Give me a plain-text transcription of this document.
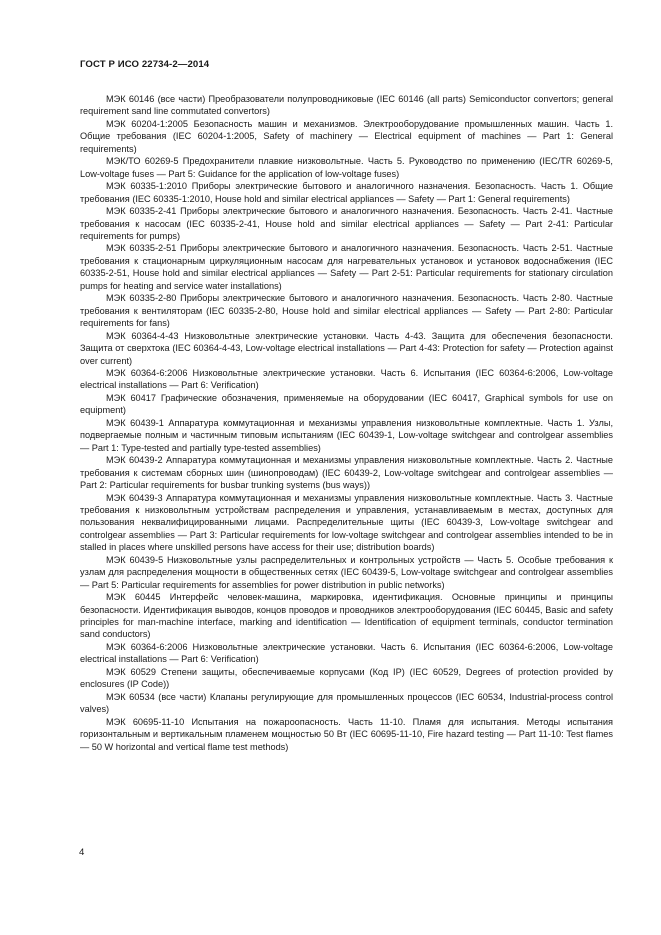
ГОСТ Р ИСО 22734-2—2014

МЭК 60146 (все части) Преобразователи полупроводниковые (IEC 60146 (all parts) Semiconductor convertors; general requirement sand line commutated convertors)

МЭК 60204-1:2005 Безопасность машин и механизмов. Электрооборудование промышленных машин. Часть 1. Общие требования (IEC 60204-1:2005, Safety of machinery — Electrical equipment of machines — Part 1: General requirements)

МЭК/ТО 60269-5 Предохранители плавкие низковольтные. Часть 5. Руководство по применению (IEC/TR 60269-5, Low-voltage fuses — Part 5: Guidance for the application of low-voltage fuses)

МЭК 60335-1:2010 Приборы электрические бытового и аналогичного назначения. Безопасность. Часть 1. Общие требования (IEC 60335-1:2010, House hold and similar electrical appliances — Safety — Part 1: General requirements)

МЭК 60335-2-41 Приборы электрические бытового и аналогичного назначения. Безопасность. Часть 2-41. Частные требования к насосам (IEC 60335-2-41, House hold and similar electrical appliances — Safety — Part 2-41: Particular requirements for pumps)

МЭК 60335-2-51 Приборы электрические бытового и аналогичного назначения. Безопасность. Часть 2-51. Частные требования к стационарным циркуляционным насосам для нагревательных установок и установок водоснабжения (IEC 60335-2-51, House hold and similar electrical appliances — Safety — Part 2-51: Particular requirements for stationary circulation pumps for heating and service water installations)

МЭК 60335-2-80 Приборы электрические бытового и аналогичного назначения. Безопасность. Часть 2-80. Частные требования к вентиляторам (IEC 60335-2-80, House hold and similar electrical appliances — Safety — Part 2-80: Particular requirements for fans)

МЭК 60364-4-43 Низковольтные электрические установки. Часть 4-43. Защита для обеспечения безопасности. Защита от сверхтока (IEC 60364-4-43, Low-voltage electrical installations — Part 4-43: Protection for safety — Protection against over current)

МЭК 60364-6:2006 Низковольтные электрические установки. Часть 6. Испытания (IEC 60364-6:2006, Low-voltage electrical installations — Part 6: Verification)

МЭК 60417 Графические обозначения, применяемые на оборудовании (IEC 60417, Graphical symbols for use on equipment)

МЭК 60439-1 Аппаратура коммутационная и механизмы управления низковольтные комплектные. Часть 1. Узлы, подвергаемые полным и частичным типовым испытаниям (IEC 60439-1, Low-voltage switchgear and controlgear assemblies — Part 1: Type-tested and partially type-tested assemblies)

МЭК 60439-2 Аппаратура коммутационная и механизмы управления низковольтные комплектные. Часть 2. Частные требования к системам сборных шин (шинопроводам) (IEC 60439-2, Low-voltage switchgear and controlgear assemblies — Part 2: Particular requirements for busbar trunking systems (bus ways))

МЭК 60439-3 Аппаратура коммутационная и механизмы управления низковольтные комплектные. Часть 3. Частные требования к низковольтным устройствам распределения и управления, устанавливаемым в местах, доступных для пользования неквалифицированными лицами. Распределительные щиты (IEC 60439-3, Low-voltage switchgear and controlgear assemblies — Part 3: Particular requirements for low-voltage switchgear and controlgear assemblies intended to be in stalled in places where unskilled persons have access for their use; distribution boards)

МЭК 60439-5 Низковольтные узлы распределительных и контрольных устройств — Часть 5. Особые требования к узлам для распределения мощности в общественных сетях (IEC 60439-5, Low-voltage switchgear and controlgear assemblies — Part 5: Particular requirements for assemblies for power distribution in public networks)

МЭК 60445 Интерфейс человек-машина, маркировка, идентификация. Основные принципы и принципы безопасности. Идентификация выводов, концов проводов и проводников электрооборудования (IEC 60445, Basic and safety principles for man-machine interface, marking and identification — Identification of equipment terminals, conductor termination sand conductors)

МЭК 60364-6:2006 Низковольтные электрические установки. Часть 6. Испытания (IEC 60364-6:2006, Low-voltage electrical installations — Part 6: Verification)

МЭК 60529 Степени защиты, обеспечиваемые корпусами (Код IP) (IEC 60529, Degrees of protection provided by enclosures (IP Code))

МЭК 60534 (все части) Клапаны регулирующие для промышленных процессов (IEC 60534, Industrial-process control valves)

МЭК 60695-11-10 Испытания на пожароопасность. Часть 11-10. Пламя для испытания. Методы испытания горизонтальным и вертикальным пламенем мощностью 50 Вт (IEC 60695-11-10, Fire hazard testing — Part 11-10: Test flames — 50 W horizontal and vertical flame test methods)

4
